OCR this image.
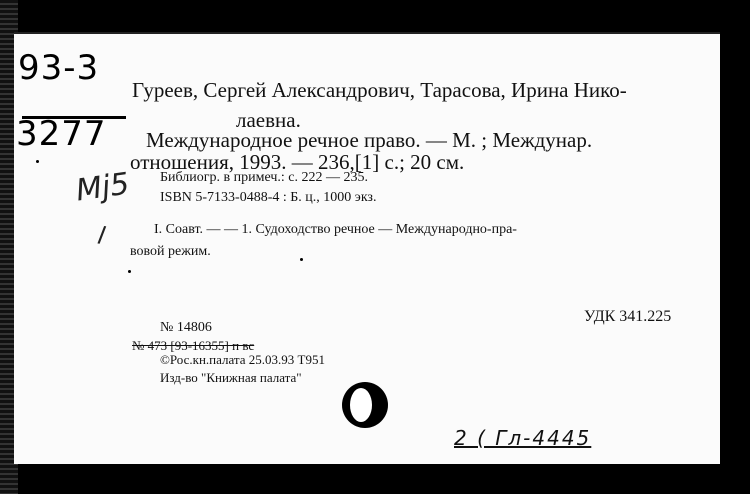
93-3
3277
Mj5
l
Гуреев, Сергей Александрович, Тарасова, Ирина Нико-
лаевна.
Международное речное право. — М. ; Междунар.
отношения, 1993. — 236,[1] с.; 20 см.
Библиогр. в примеч.: с. 222 — 235.
ISBN 5-7133-0488-4 : Б. ц., 1000 экз.
I. Соавт. — — 1. Судоходство речное — Международно-пра-
вовой режим.
УДК 341.225
№ 14806
№ 473 [93-16355] п вс
©Рос.кн.палата 25.03.93 Т951
Изд-во "Книжная палата"
2 ( Гл-4445
